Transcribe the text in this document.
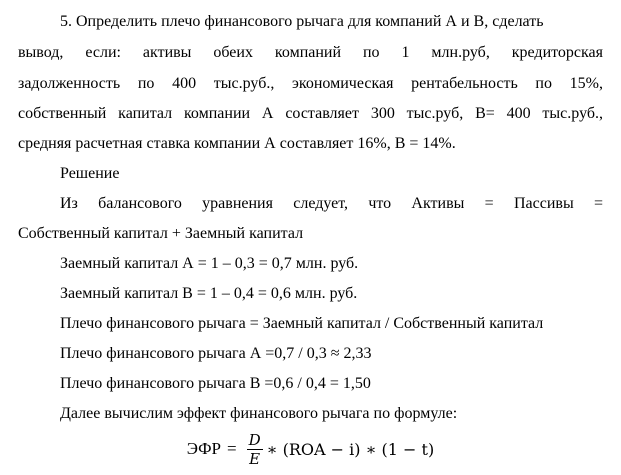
5. Определить плечо финансового рычага для компаний А и В, сделать
вывод, если: активы обеих компаний по 1 млн.руб, кредиторская
задолженность по 400 тыс.руб., экономическая рентабельность по 15%,
собственный капитал компании А составляет 300 тыс.руб, В= 400 тыс.руб.,
средняя расчетная ставка компании А составляет 16%, В = 14%.
Решение
Из балансового уравнения следует, что Активы = Пассивы =
Собственный капитал + Заемный капитал
Заемный капитал А = 1 – 0,3 = 0,7 млн. руб.
Заемный капитал В = 1 – 0,4 = 0,6 млн. руб.
Плечо финансового рычага = Заемный капитал / Собственный капитал
Плечо финансового рычага А =0,7 / 0,3 ≈ 2,33
Плечо финансового рычага В =0,6 / 0,4 = 1,50
Далее вычислим эффект финансового рычага по формуле:
ЭФР = $\frac{D}{E}$ ∗ (ROA − i) ∗ (1 − t)
